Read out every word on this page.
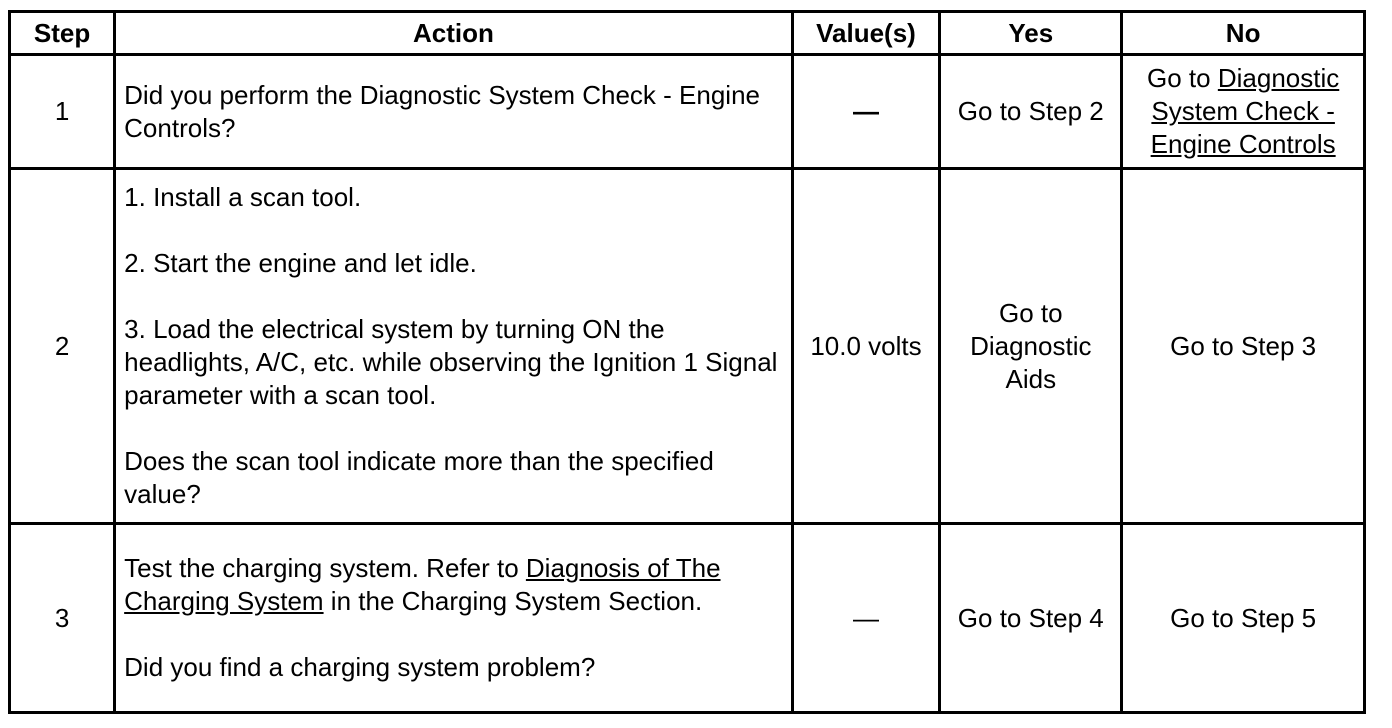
Step	Action	Value(s)	Yes	No
1	Did you perform the Diagnostic System Check - Engine Controls?	—	Go to Step 2	Go to Diagnostic System Check - Engine Controls
2	1. Install a scan tool.

2. Start the engine and let idle.

3. Load the electrical system by turning ON the headlights, A/C, etc. while observing the Ignition 1 Signal parameter with a scan tool.

Does the scan tool indicate more than the specified value?	10.0 volts	Go to Diagnostic Aids	Go to Step 3
3	Test the charging system. Refer to Diagnosis of The Charging System in the Charging System Section.

Did you find a charging system problem?	—	Go to Step 4	Go to Step 5
